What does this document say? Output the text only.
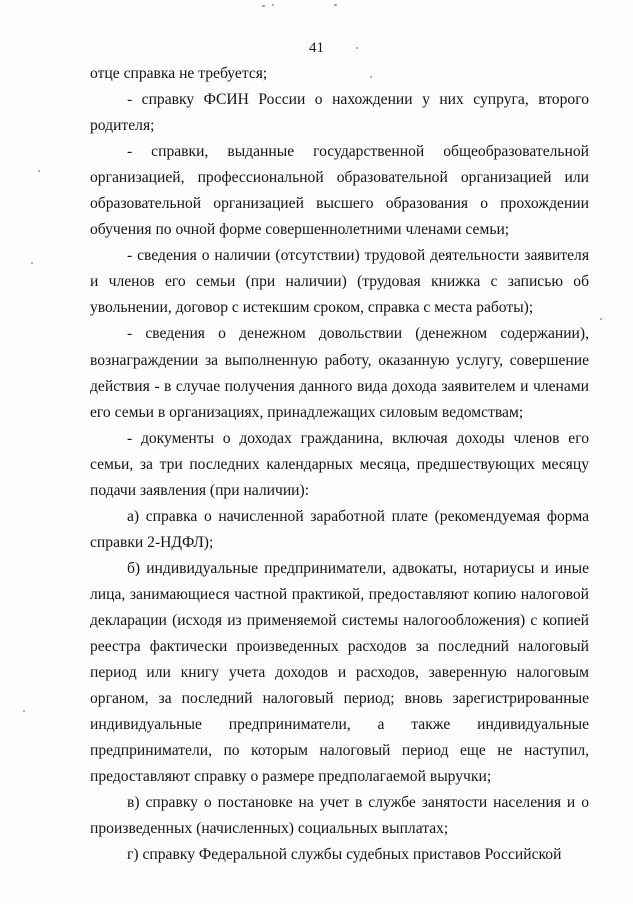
41

отце справка не требуется;

- справку ФСИН России о нахождении у них супруга, второго родителя;

- справки, выданные государственной общеобразовательной организацией, профессиональной образовательной организацией или образовательной организацией высшего образования о прохождении обучения по очной форме совершеннолетними членами семьи;

- сведения о наличии (отсутствии) трудовой деятельности заявителя и членов его семьи (при наличии) (трудовая книжка с записью об увольнении, договор с истекшим сроком, справка с места работы);

- сведения о денежном довольствии (денежном содержании), вознаграждении за выполненную работу, оказанную услугу, совершение действия - в случае получения данного вида дохода заявителем и членами его семьи в организациях, принадлежащих силовым ведомствам;

- документы о доходах гражданина, включая доходы членов его семьи, за три последних календарных месяца, предшествующих месяцу подачи заявления (при наличии):

а) справка о начисленной заработной плате (рекомендуемая форма справки 2-НДФЛ);

б) индивидуальные предприниматели, адвокаты, нотариусы и иные лица, занимающиеся частной практикой, предоставляют копию налоговой декларации (исходя из применяемой системы налогообложения) с копией реестра фактически произведенных расходов за последний налоговый период или книгу учета доходов и расходов, заверенную налоговым органом, за последний налоговый период; вновь зарегистрированные индивидуальные предприниматели, а также индивидуальные предприниматели, по которым налоговый период еще не наступил, предоставляют справку о размере предполагаемой выручки;

в) справку о постановке на учет в службе занятости населения и о произведенных (начисленных) социальных выплатах;

г) справку Федеральной службы судебных приставов Российской
